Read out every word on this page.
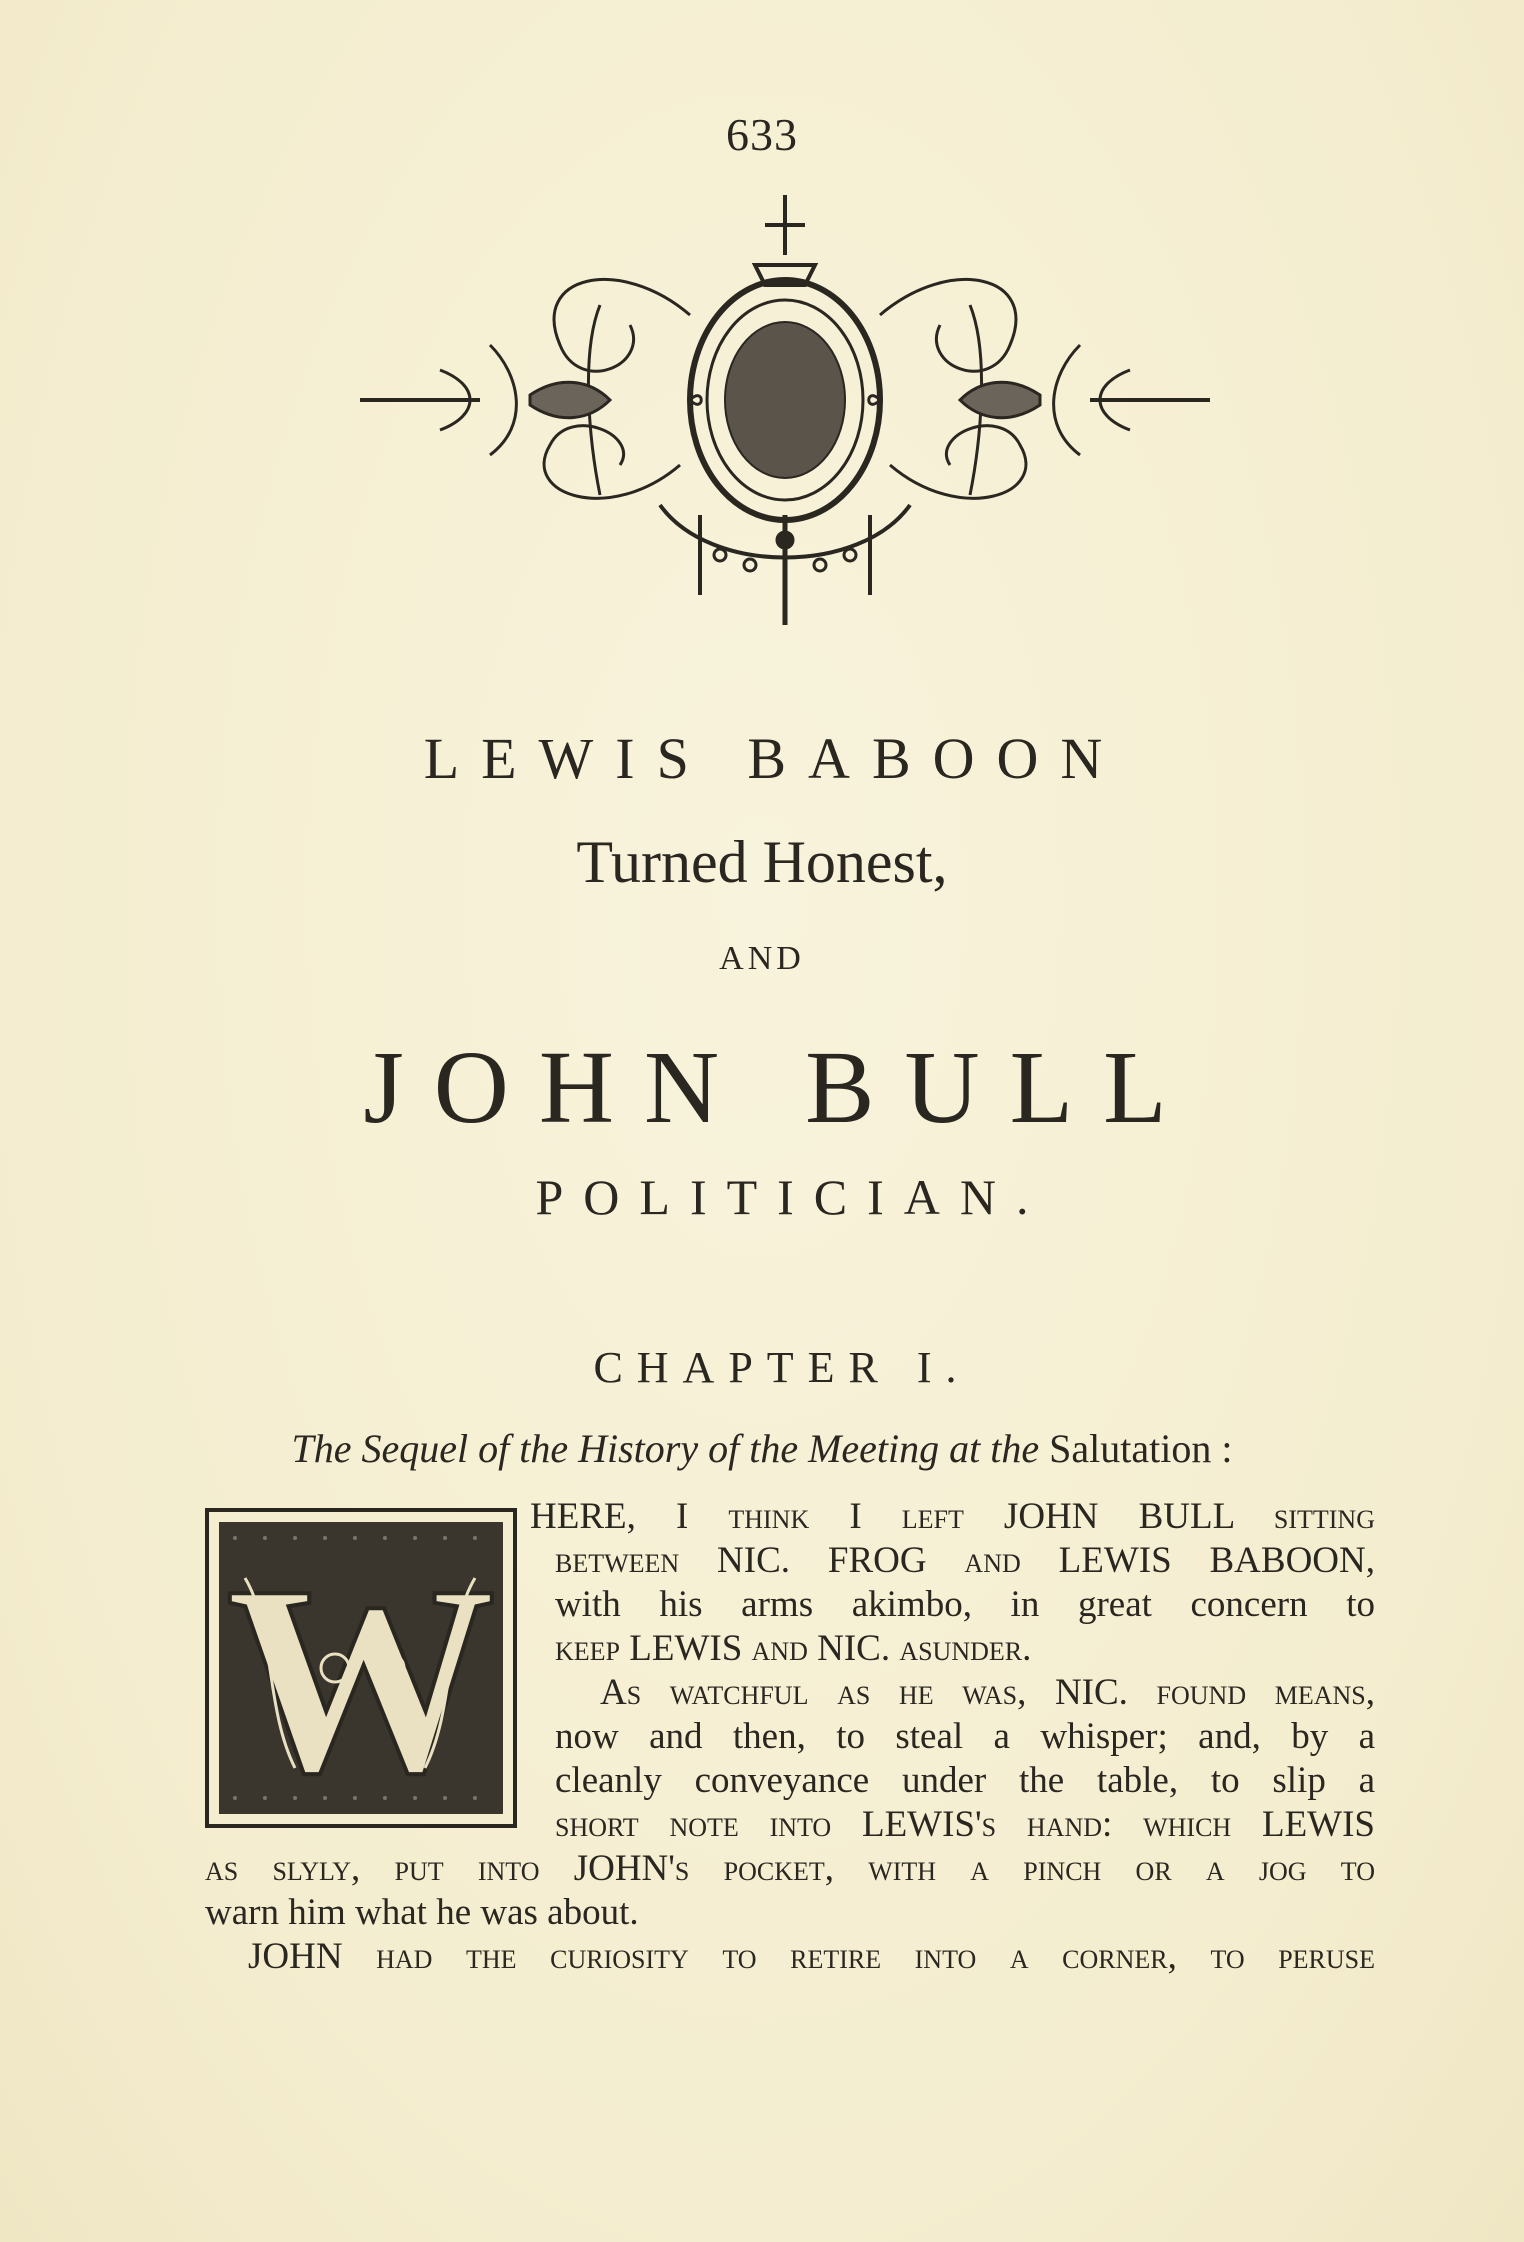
633
LEWIS BABOON
Turned Honest,
AND
JOHN BULL
POLITICIAN.
CHAPTER I.
The Sequel of the History of the Meeting at the Salutation :
W
HERE, I think I left JOHN BULL sitting
between NIC. FROG and LEWIS BABOON,
with his arms akimbo, in great concern to
keep LEWIS and NIC. asunder.
As watchful as he was, NIC. found means,
now and then, to steal a whisper; and, by a
cleanly conveyance under the table, to slip a
short note into LEWIS's hand: which LEWIS
as slyly, put into JOHN's pocket, with a pinch or a jog to
warn him what he was about.
JOHN had the curiosity to retire into a corner, to peruse
